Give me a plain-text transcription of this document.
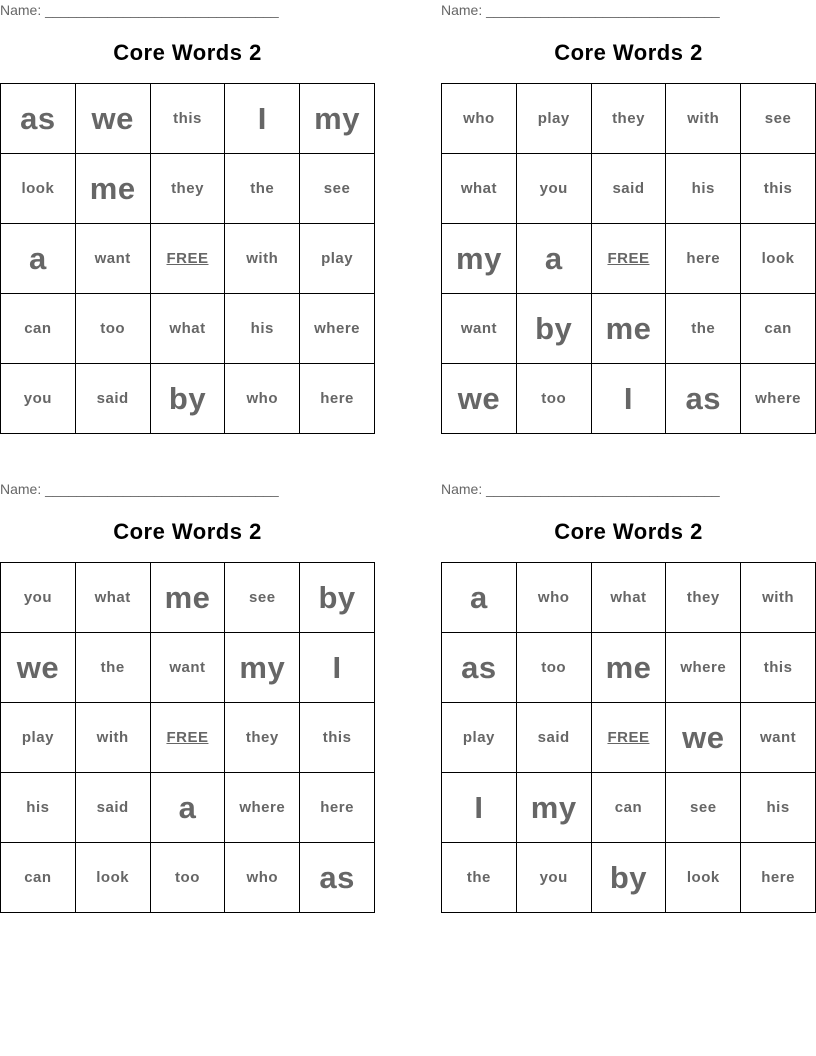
Name: ______________________________
Core Words 2
as	we	this	I	my
look	me	they	the	see
a	want	FREE	with	play
can	too	what	his	where
you	said	by	who	here
Name: ______________________________
Core Words 2
who	play	they	with	see
what	you	said	his	this
my	a	FREE	here	look
want	by	me	the	can
we	too	I	as	where
Name: ______________________________
Core Words 2
you	what	me	see	by
we	the	want	my	I
play	with	FREE	they	this
his	said	a	where	here
can	look	too	who	as
Name: ______________________________
Core Words 2
a	who	what	they	with
as	too	me	where	this
play	said	FREE	we	want
I	my	can	see	his
the	you	by	look	here
